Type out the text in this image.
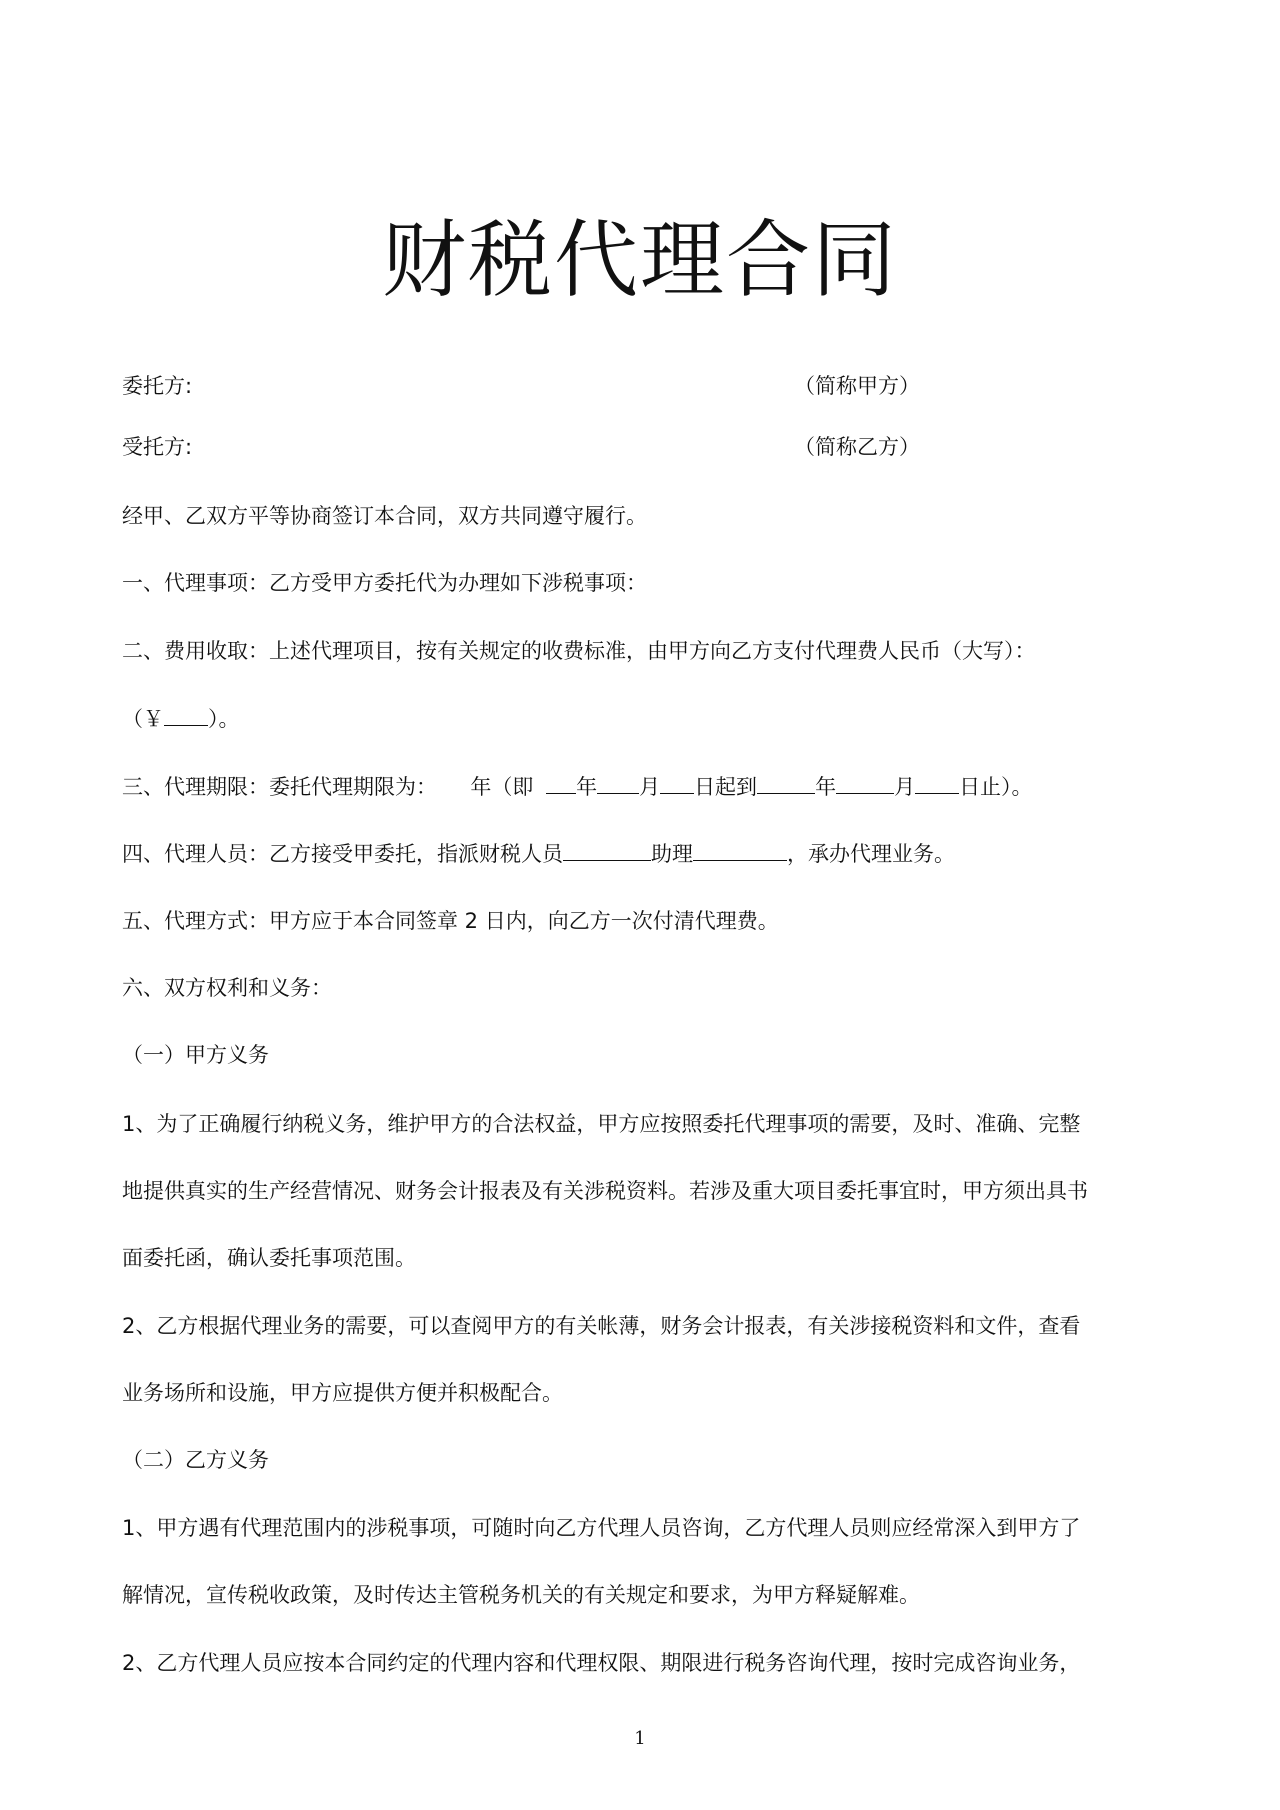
财税代理合同
委托方:	（简称甲方）
受托方:	（简称乙方）
经甲、乙双方平等协商签订本合同，双方共同遵守履行。
一、代理事项：乙方受甲方委托代为办理如下涉税事项：
二、费用收取：上述代理项目，按有关规定的收费标准，由甲方向乙方支付代理费人民币（大写）：
（￥ ）。
三、代理期限：委托代理期限为： 年（即 年 月 日起到	年	月 日止）。
四、代理人员：乙方接受甲委托，指派财税人员	助理	，承办代理业务。
五、代理方式：甲方应于本合同签章 2 日内，向乙方一次付清代理费。
六、双方权利和义务：
（一）甲方义务
1、为了正确履行纳税义务，维护甲方的合法权益，甲方应按照委托代理事项的需要，及时、准确、完整
地提供真实的生产经营情况、财务会计报表及有关涉税资料。若涉及重大项目委托事宜时，甲方须出具书
面委托函，确认委托事项范围。
2、乙方根据代理业务的需要，可以查阅甲方的有关帐薄，财务会计报表，有关涉接税资料和文件，查看
业务场所和设施，甲方应提供方便并积极配合。
（二）乙方义务
1、甲方遇有代理范围内的涉税事项，可随时向乙方代理人员咨询，乙方代理人员则应经常深入到甲方了
解情况，宣传税收政策，及时传达主管税务机关的有关规定和要求，为甲方释疑解难。
2、乙方代理人员应按本合同约定的代理内容和代理权限、期限进行税务咨询代理，按时完成咨询业务，
1
